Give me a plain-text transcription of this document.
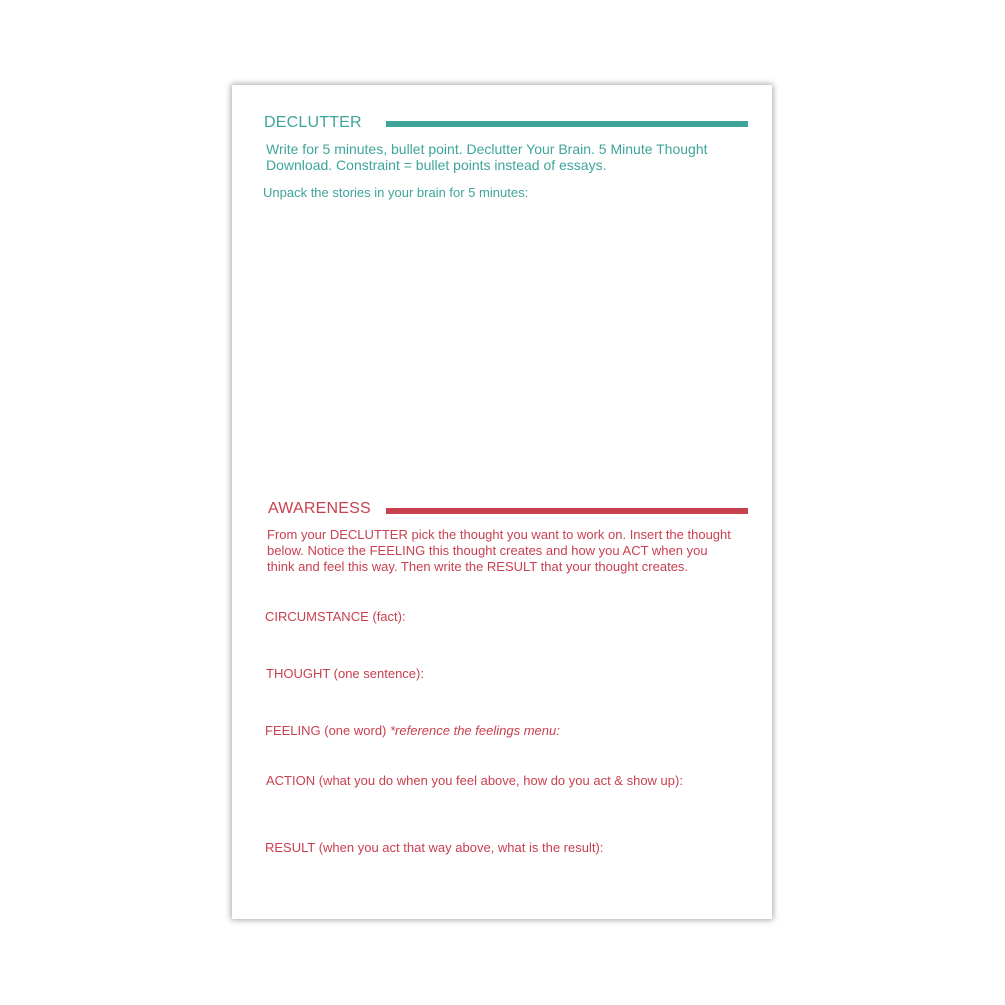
DECLUTTER
Write for 5 minutes, bullet point. Declutter Your Brain. 5 Minute Thought Download. Constraint = bullet points instead of essays.
Unpack the stories in your brain for 5 minutes:
AWARENESS
From your DECLUTTER pick the thought you want to work on. Insert the thought below. Notice the FEELING this thought creates and how you ACT when you think and feel this way. Then write the RESULT that your thought creates.
CIRCUMSTANCE (fact):
THOUGHT (one sentence):
FEELING (one word) *reference the feelings menu:
ACTION (what you do when you feel above, how do you act & show up):
RESULT (when you act that way above, what is the result):
